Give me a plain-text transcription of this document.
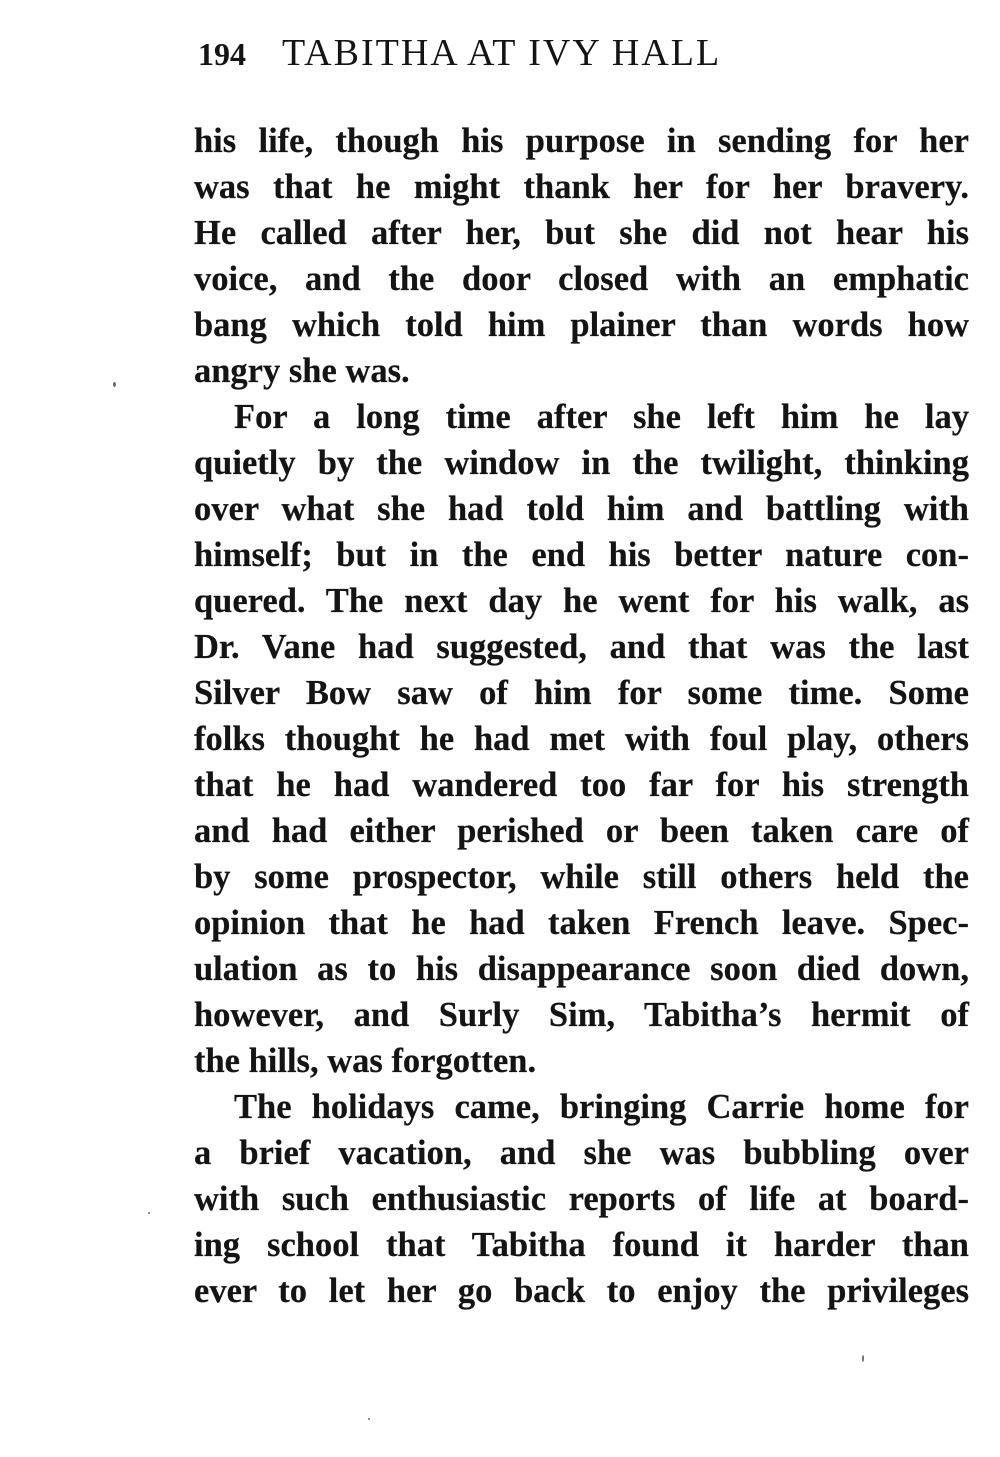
194 TABITHA AT IVY HALL
his life, though his purpose in sending for her
was that he might thank her for her bravery.
He called after her, but she did not hear his
voice, and the door closed with an emphatic
bang which told him plainer than words how
angry she was.
For a long time after she left him he lay
quietly by the window in the twilight, thinking
over what she had told him and battling with
himself; but in the end his better nature con-
quered. The next day he went for his walk, as
Dr. Vane had suggested, and that was the last
Silver Bow saw of him for some time. Some
folks thought he had met with foul play, others
that he had wandered too far for his strength
and had either perished or been taken care of
by some prospector, while still others held the
opinion that he had taken French leave. Spec-
ulation as to his disappearance soon died down,
however, and Surly Sim, Tabitha’s hermit of
the hills, was forgotten.
The holidays came, bringing Carrie home for
a brief vacation, and she was bubbling over
with such enthusiastic reports of life at board-
ing school that Tabitha found it harder than
ever to let her go back to enjoy the privileges
